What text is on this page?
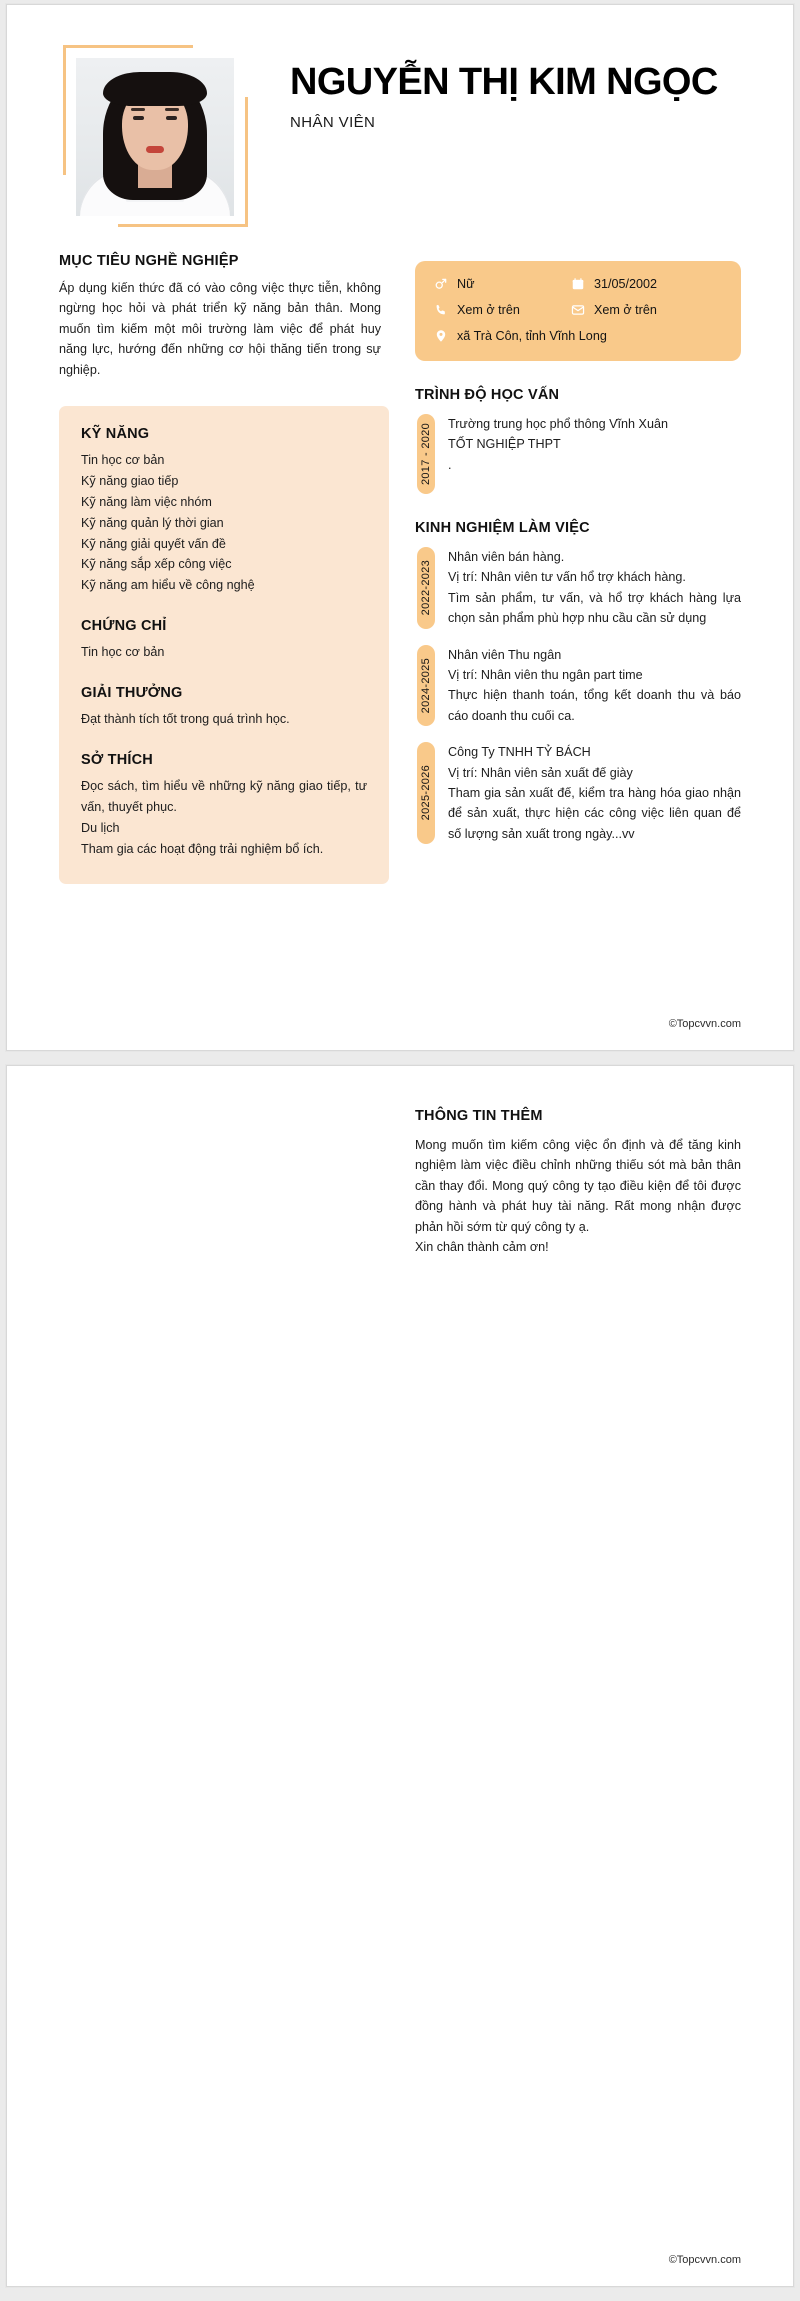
NGUYỄN THỊ KIM NGỌC
NHÂN VIÊN
MỤC TIÊU NGHỀ NGHIỆP
Áp dụng kiến thức đã có vào công việc thực tiễn, không ngừng học hỏi và phát triển kỹ năng bản thân. Mong muốn tìm kiếm một môi trường làm việc để phát huy năng lực, hướng đến những cơ hội thăng tiến trong sự nghiệp.
KỸ NĂNG
Tin học cơ bản
Kỹ năng giao tiếp
Kỹ năng làm việc nhóm
Kỹ năng quản lý thời gian
Kỹ năng giải quyết vấn đề
Kỹ năng sắp xếp công việc
Kỹ năng am hiểu về công nghệ
CHỨNG CHỈ
Tin học cơ bản
GIẢI THƯỞNG
Đạt thành tích tốt trong quá trình học.
SỞ THÍCH
Đọc sách, tìm hiểu về những kỹ năng giao tiếp, tư vấn, thuyết phục.
Du lịch
Tham gia các hoạt động trải nghiệm bổ ích.
Nữ	31/05/2002
Xem ở trên	Xem ở trên
xã Trà Côn, tỉnh Vĩnh Long
TRÌNH ĐỘ HỌC VẤN
2017 - 2020 Trường trung học phổ thông Vĩnh Xuân

TỐT NGHIỆP THPT

.

KINH NGHIỆM LÀM VIỆC
2022-2023

Nhân viên bán hàng.

Vị trí: Nhân viên tư vấn hổ trợ khách hàng.

Tìm sản phẩm, tư vấn, và hổ trợ khách hàng lựa chọn sản phẩm phù hợp nhu cầu cần sử dụng

2024-2025

Nhân viên Thu ngân

Vị trí: Nhân viên thu ngân part time

Thực hiện thanh toán, tổng kết doanh thu và báo cáo doanh thu cuối ca.

2025-2026

Công Ty TNHH TỶ BÁCH

Vị trí: Nhân viên sản xuất đế giày

Tham gia sản xuất đế, kiểm tra hàng hóa giao nhận để sản xuất, thực hiện các công việc liên quan để số lượng sản xuất trong ngày...vv

©Topcvvn.com
THÔNG TIN THÊM
Mong muốn tìm kiếm công việc ổn định và để tăng kinh nghiệm làm việc điều chỉnh những thiếu sót mà bản thân cần thay đổi. Mong quý công ty tạo điều kiện để tôi được đồng hành và phát huy tài năng. Rất mong nhận được phản hồi sớm từ quý công ty ạ.
Xin chân thành cảm ơn!
©Topcvvn.com
